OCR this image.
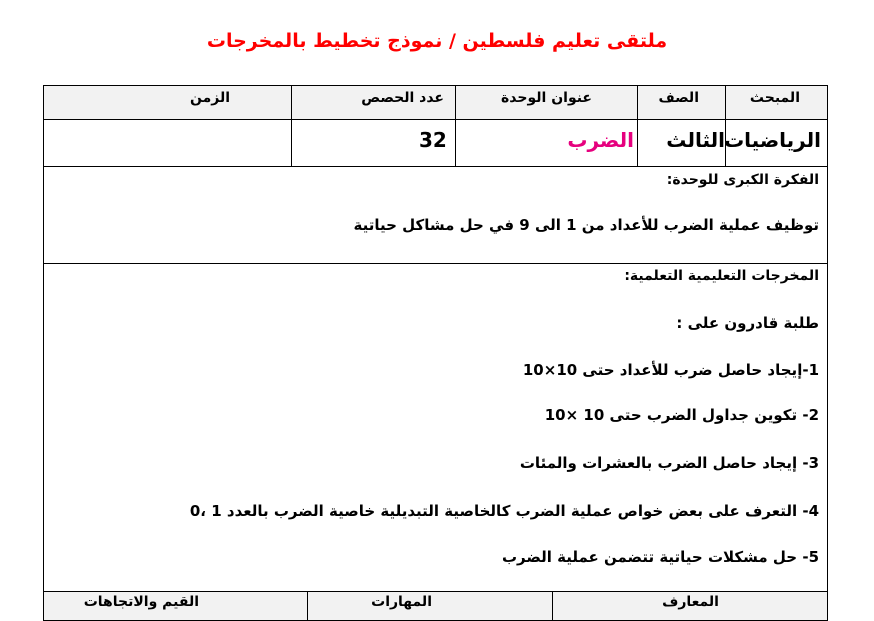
ملتقى تعليم فلسطين / نموذج تخطيط بالمخرجات
المبحث
الصف
عنوان الوحدة
عدد الحصص
الزمن
الرياضيات
الثالث
الضرب
32
الفكرة الكبرى للوحدة:
توظيف عملية الضرب للأعداد من 1 الى 9 في حل مشاكل حياتية
المخرجات التعليمية التعلمية:
طلبة قادرون على :
1-إيجاد حاصل ضرب للأعداد حتى 10×10
2- تكوين جداول الضرب حتى 10 ×10
3- إيجاد حاصل الضرب بالعشرات والمئات
4- التعرف على بعض خواص عملية الضرب كالخاصية التبديلية خاصية الضرب بالعدد 1 ،0
5- حل مشكلات حياتية تتضمن عملية الضرب
المعارف
المهارات
القيم والاتجاهات
